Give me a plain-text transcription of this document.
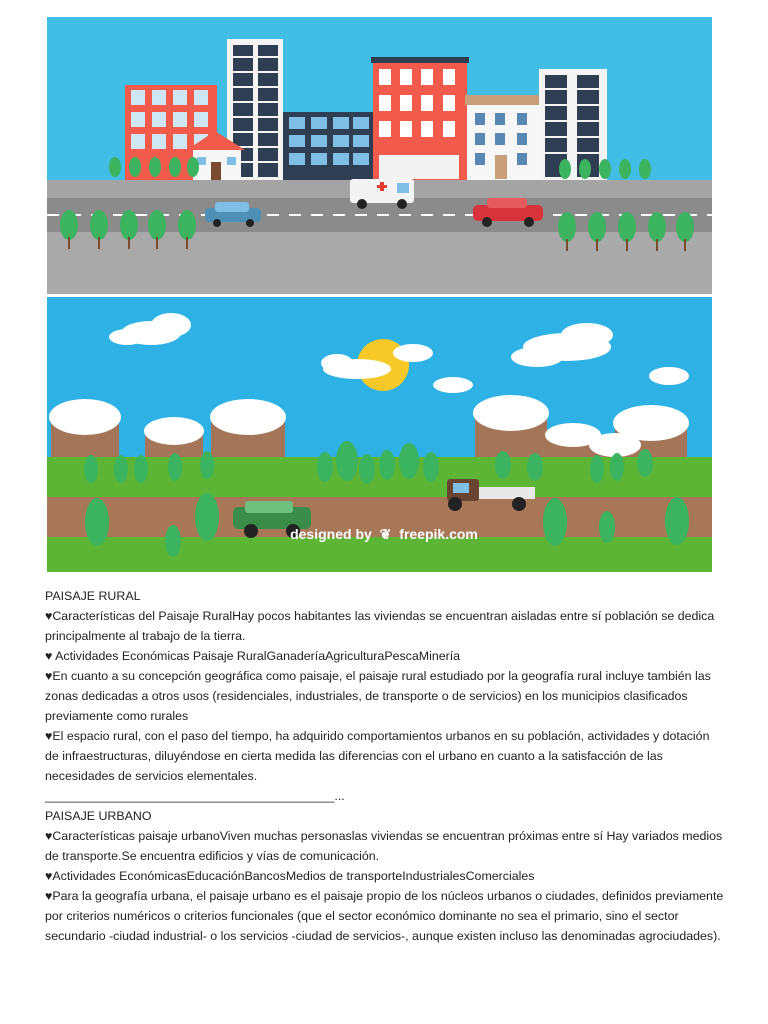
designed by ❦ freepik.com

PAISAJE RURAL

♥Características del Paisaje RuralHay pocos habitantes las viviendas se encuentran aisladas entre sí población se dedica principalmente al trabajo de la tierra.

♥ Actividades Económicas Paisaje RuralGanaderíaAgriculturaPescaMinería

♥En cuanto a su concepción geográfica como paisaje, el paisaje rural estudiado por la geografía rural incluye también las zonas dedicadas a otros usos (residenciales, industriales, de transporte o de servicios) en los municipios clasificados previamente como rurales

♥El espacio rural, con el paso del tiempo, ha adquirido comportamientos urbanos en su población, actividades y dotación de infraestructuras, diluyéndose en cierta medida las diferencias con el urbano en cuanto a la satisfacción de las necesidades de servicios elementales.

__________________________________________...

PAISAJE URBANO

♥Características paisaje urbanoViven muchas personaslas viviendas se encuentran próximas entre sí Hay variados medios de transporte.Se encuentra edificios y vías de comunicación.

♥Actividades EconómicasEducaciónBancosMedios de transporteIndustrialesComerciales

♥Para la geografía urbana, el paisaje urbano es el paisaje propio de los núcleos urbanos o ciudades, definidos previamente por criterios numéricos o criterios funcionales (que el sector económico dominante no sea el primario, sino el sector secundario -ciudad industrial- o los servicios -ciudad de servicios-, aunque existen incluso las denominadas agrociudades).
